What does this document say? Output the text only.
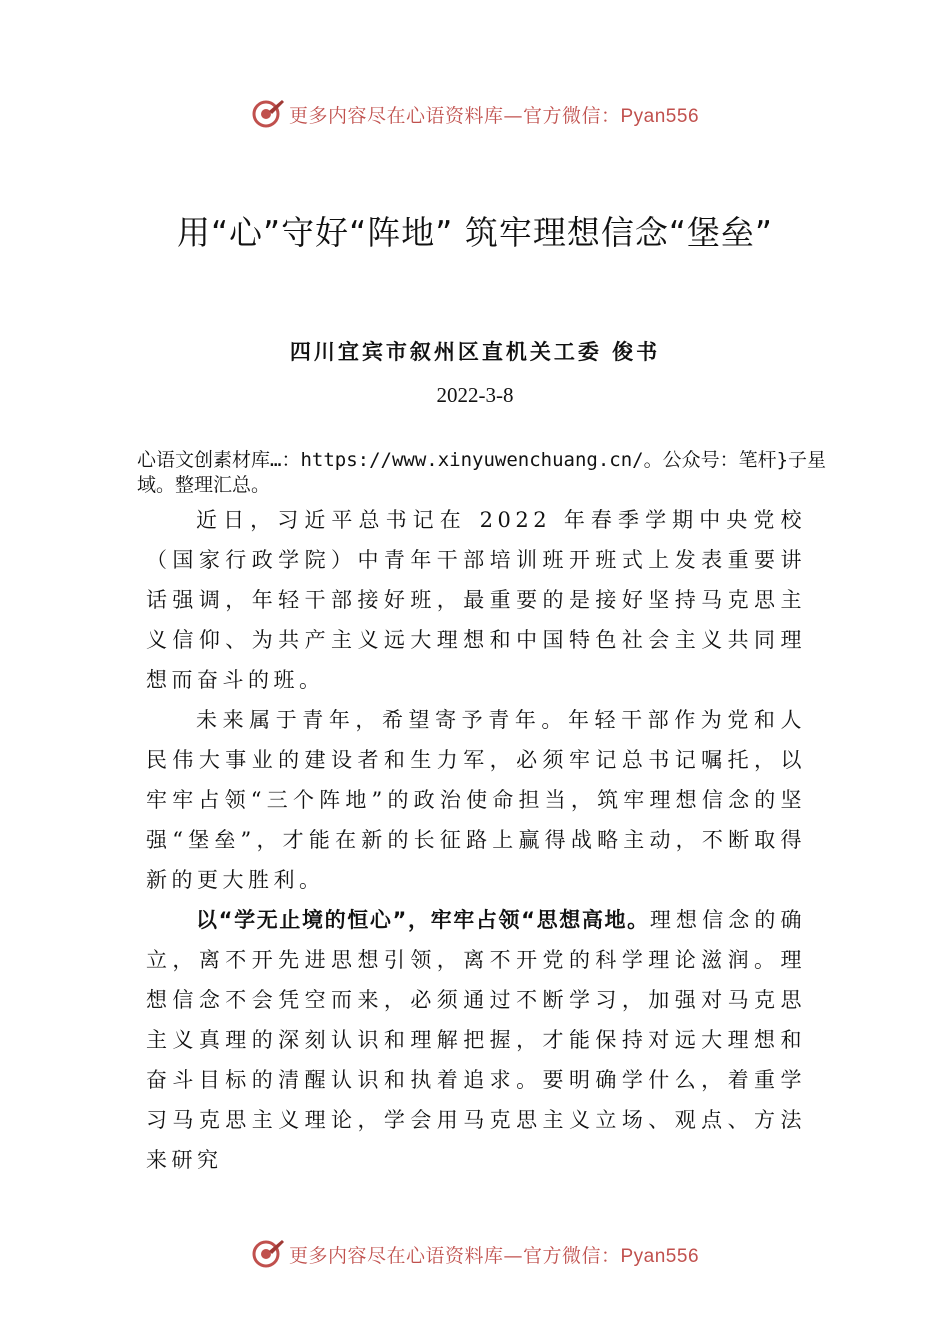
更多内容尽在心语资料库—官方微信：Pyan556
用“心”守好“阵地” 筑牢理想信念“堡垒”
四川宜宾市叙州区直机关工委 俊书
2022-3-8
心语文创素材库…：https://www.xinyuwenchuang.cn/。公众号：笔杆}子星域。整理汇总。

近日，习近平总书记在 2022 年春季学期中央党校（国家行政学院）中青年干部培训班开班式上发表重要讲话强调，年轻干部接好班，最重要的是接好坚持马克思主义信仰、为共产主义远大理想和中国特色社会主义共同理想而奋斗的班。

未来属于青年，希望寄予青年。年轻干部作为党和人民伟大事业的建设者和生力军，必须牢记总书记嘱托，以牢牢占领“三个阵地”的政治使命担当，筑牢理想信念的坚强“堡垒”，才能在新的长征路上赢得战略主动，不断取得新的更大胜利。

以“学无止境的恒心”，牢牢占领“思想高地。理想信念的确立，离不开先进思想引领，离不开党的科学理论滋润。理想信念不会凭空而来，必须通过不断学习，加强对马克思主义真理的深刻认识和理解把握，才能保持对远大理想和奋斗目标的清醒认识和执着追求。要明确学什么，着重学习马克思主义理论，学会用马克思主义立场、观点、方法来研究

更多内容尽在心语资料库—官方微信：Pyan556
